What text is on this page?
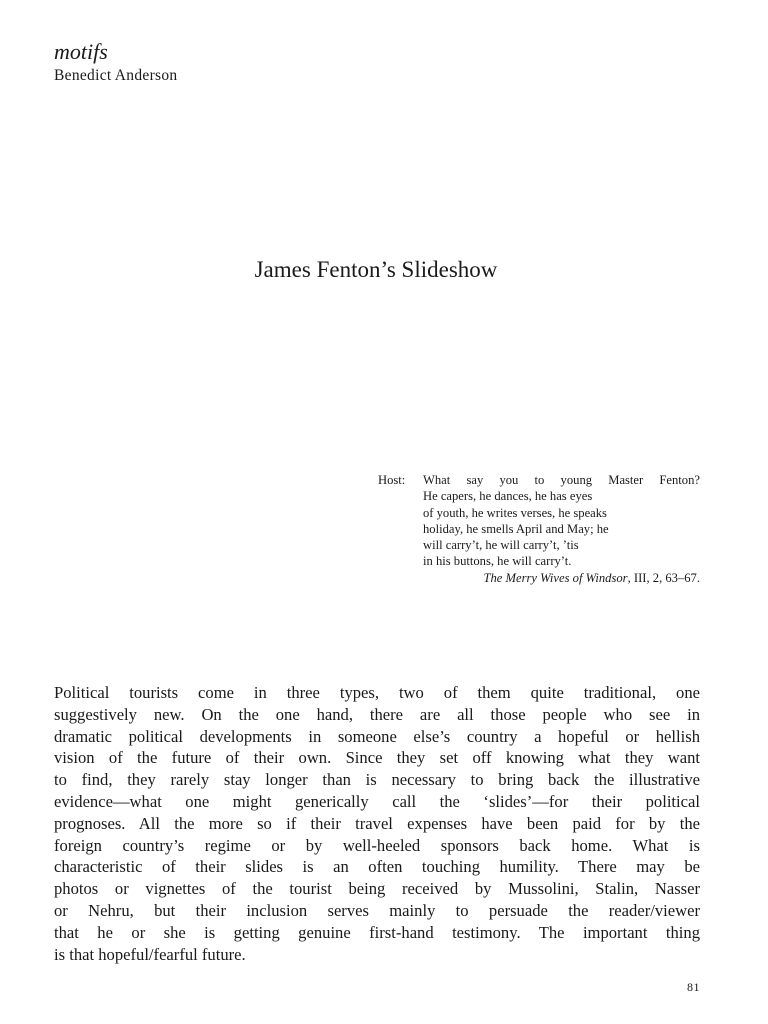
motifs
Benedict Anderson
James Fenton’s Slideshow
Host: What say you to young Master Fenton?
He capers, he dances, he has eyes
of youth, he writes verses, he speaks
holiday, he smells April and May; he
will carry’t, he will carry’t, ’tis
in his buttons, he will carry’t.
The Merry Wives of Windsor, III, 2, 63–67.
Political tourists come in three types, two of them quite traditional, one
suggestively new. On the one hand, there are all those people who see in
dramatic political developments in someone else’s country a hopeful or hellish
vision of the future of their own. Since they set off knowing what they want
to find, they rarely stay longer than is necessary to bring back the illustrative
evidence—what one might generically call the ‘slides’—for their political
prognoses. All the more so if their travel expenses have been paid for by the
foreign country’s regime or by well-heeled sponsors back home. What is
characteristic of their slides is an often touching humility. There may be
photos or vignettes of the tourist being received by Mussolini, Stalin, Nasser
or Nehru, but their inclusion serves mainly to persuade the reader/viewer
that he or she is getting genuine first-hand testimony. The important thing
is that hopeful/fearful future.
81
